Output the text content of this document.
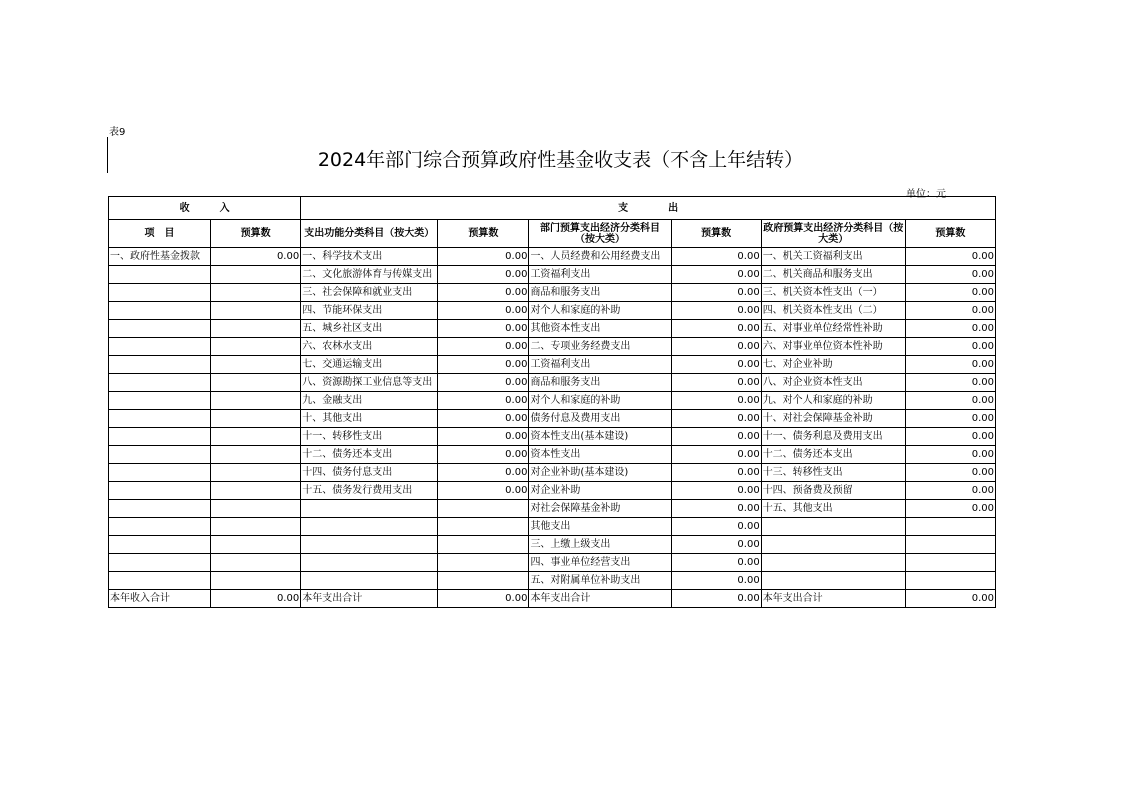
表9
2024年部门综合预算政府性基金收支表（不含上年结转）
单位：元
收　　　入		支　　　　出					
项　目	预算数	支出功能分类科目（按大类）	预算数	部门预算支出经济分类科目（按大类）	预算数	政府预算支出经济分类科目（按大类）	预算数
一、政府性基金拨款	0.00	一、科学技术支出	0.00	一、人员经费和公用经费支出	0.00	一、机关工资福利支出	0.00
		二、文化旅游体育与传媒支出	0.00	工资福利支出	0.00	二、机关商品和服务支出	0.00
		三、社会保障和就业支出	0.00	商品和服务支出	0.00	三、机关资本性支出（一）	0.00
		四、节能环保支出	0.00	对个人和家庭的补助	0.00	四、机关资本性支出（二）	0.00
		五、城乡社区支出	0.00	其他资本性支出	0.00	五、对事业单位经常性补助	0.00
		六、农林水支出	0.00	二、专项业务经费支出	0.00	六、对事业单位资本性补助	0.00
		七、交通运输支出	0.00	工资福利支出	0.00	七、对企业补助	0.00
		八、资源勘探工业信息等支出	0.00	商品和服务支出	0.00	八、对企业资本性支出	0.00
		九、金融支出	0.00	对个人和家庭的补助	0.00	九、对个人和家庭的补助	0.00
		十、其他支出	0.00	债务付息及费用支出	0.00	十、对社会保障基金补助	0.00
		十一、转移性支出	0.00	资本性支出(基本建设)	0.00	十一、债务利息及费用支出	0.00
		十二、债务还本支出	0.00	资本性支出	0.00	十二、债务还本支出	0.00
		十四、债务付息支出	0.00	对企业补助(基本建设)	0.00	十三、转移性支出	0.00
		十五、债务发行费用支出	0.00	对企业补助	0.00	十四、预备费及预留	0.00
				对社会保障基金补助	0.00	十五、其他支出	0.00
				其他支出	0.00		
				三、上缴上级支出	0.00		
				四、事业单位经营支出	0.00		
				五、对附属单位补助支出	0.00		
本年收入合计	0.00	本年支出合计	0.00	本年支出合计	0.00	本年支出合计	0.00
